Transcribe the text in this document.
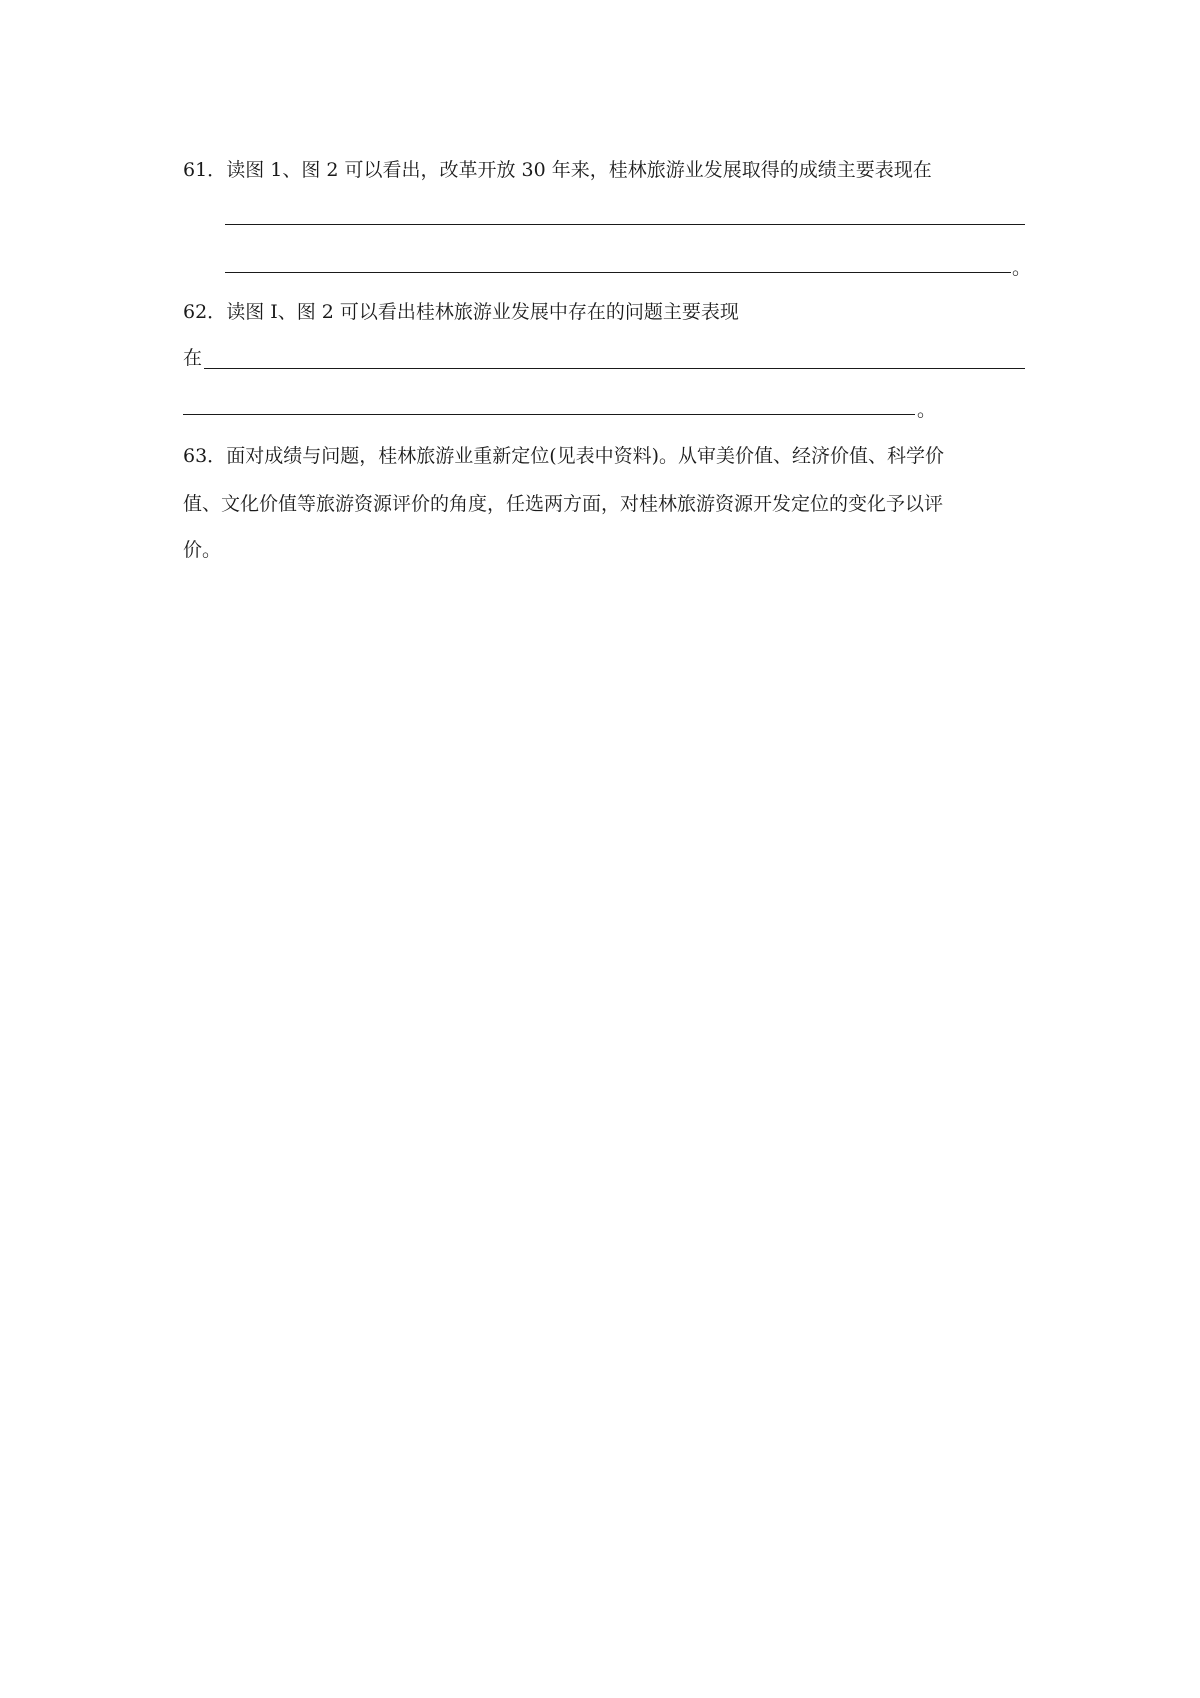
61．读图 1、图 2 可以看出，改革开放 30 年来，桂林旅游业发展取得的成绩主要表现在
。
62．读图 I、图 2 可以看出桂林旅游业发展中存在的问题主要表现
在
。
63．面对成绩与问题，桂林旅游业重新定位(见表中资料)。从审美价值、经济价值、科学价
值、文化价值等旅游资源评价的角度，任选两方面，对桂林旅游资源开发定位的变化予以评
价。
